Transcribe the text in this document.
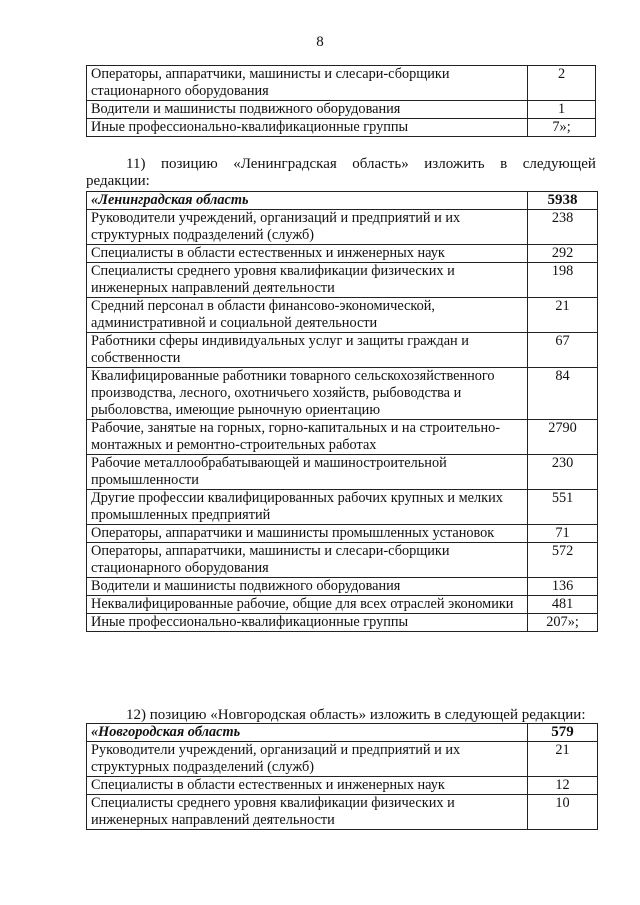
8
Операторы, аппаратчики, машинисты и слесари-сборщики стационарного оборудования	2
Водители и машинисты подвижного оборудования	1
Иные профессионально-квалификационные группы	7»;
11) позицию «Ленинградская область» изложить в следующей
редакции:
«Ленинградская область	5938
Руководители учреждений, организаций и предприятий и их структурных подразделений (служб)	238
Специалисты в области естественных и инженерных наук	292
Специалисты среднего уровня квалификации физических и инженерных направлений деятельности	198
Средний персонал в области финансово-экономической, административной и социальной деятельности	21
Работники сферы индивидуальных услуг и защиты граждан и собственности	67
Квалифицированные работники товарного сельскохозяйственного производства, лесного, охотничьего хозяйств, рыбоводства и рыболовства, имеющие рыночную ориентацию	84
Рабочие, занятые на горных, горно-капитальных и на строительно-монтажных и ремонтно-строительных работах	2790
Рабочие металлообрабатывающей и машиностроительной промышленности	230
Другие профессии квалифицированных рабочих крупных и мелких промышленных предприятий	551
Операторы, аппаратчики и машинисты промышленных установок	71
Операторы, аппаратчики, машинисты и слесари-сборщики стационарного оборудования	572
Водители и машинисты подвижного оборудования	136
Неквалифицированные рабочие, общие для всех отраслей экономики	481
Иные профессионально-квалификационные группы	207»;
12) позицию «Новгородская область» изложить в следующей редакции:
«Новгородская область	579
Руководители учреждений, организаций и предприятий и их структурных подразделений (служб)	21
Специалисты в области естественных и инженерных наук	12
Специалисты среднего уровня квалификации физических и инженерных направлений деятельности	10
